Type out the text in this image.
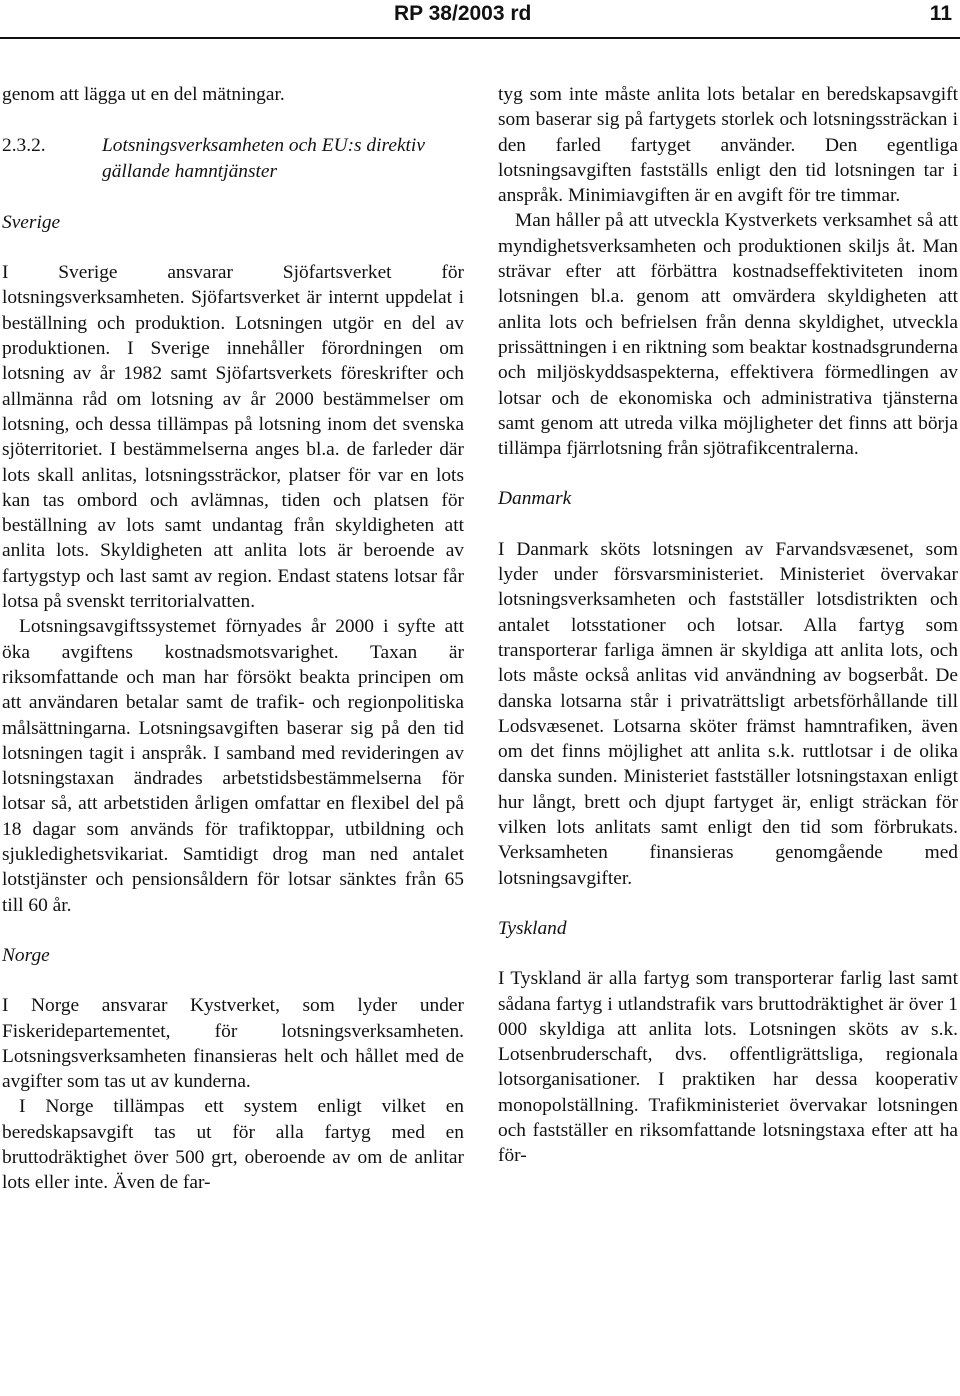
RP 38/2003 rd	11

genom att lägga ut en del mätningar.

2.3.2.	Lotsningsverksamheten och EU:s direktiv gällande hamntjänster

Sverige

I Sverige ansvarar Sjöfartsverket för lotsningsverksamheten. Sjöfartsverket är internt uppdelat i beställning och produktion. Lotsningen utgör en del av produktionen. I Sverige innehåller förordningen om lotsning av år 1982 samt Sjöfartsverkets föreskrifter och allmänna råd om lotsning av år 2000 bestämmelser om lotsning, och dessa tillämpas på lotsning inom det svenska sjöterritoriet. I bestämmelserna anges bl.a. de farleder där lots skall anlitas, lotsningssträckor, platser för var en lots kan tas ombord och avlämnas, tiden och platsen för beställning av lots samt undantag från skyldigheten att anlita lots. Skyldigheten att anlita lots är beroende av fartygstyp och last samt av region. Endast statens lotsar får lotsa på svenskt territorialvatten.

Lotsningsavgiftssystemet förnyades år 2000 i syfte att öka avgiftens kostnadsmotsvarighet. Taxan är riksomfattande och man har försökt beakta principen om att användaren betalar samt de trafik- och regionpolitiska målsättningarna. Lotsningsavgiften baserar sig på den tid lotsningen tagit i anspråk. I samband med revideringen av lotsningstaxan ändrades arbetstidsbestämmelserna för lotsar så, att arbetstiden årligen omfattar en flexibel del på 18 dagar som används för trafiktoppar, utbildning och sjukledighetsvikariat. Samtidigt drog man ned antalet lotstjänster och pensionsåldern för lotsar sänktes från 65 till 60 år.

Norge

I Norge ansvarar Kystverket, som lyder under Fiskeridepartementet, för lotsningsverksamheten. Lotsningsverksamheten finansieras helt och hållet med de avgifter som tas ut av kunderna.

I Norge tillämpas ett system enligt vilket en beredskapsavgift tas ut för alla fartyg med en bruttodräktighet över 500 grt, oberoende av om de anlitar lots eller inte. Även de far-

tyg som inte måste anlita lots betalar en beredskapsavgift som baserar sig på fartygets storlek och lotsningssträckan i den farled fartyget använder. Den egentliga lotsningsavgiften fastställs enligt den tid lotsningen tar i anspråk. Minimiavgiften är en avgift för tre timmar.

Man håller på att utveckla Kystverkets verksamhet så att myndighetsverksamheten och produktionen skiljs åt. Man strävar efter att förbättra kostnadseffektiviteten inom lotsningen bl.a. genom att omvärdera skyldigheten att anlita lots och befrielsen från denna skyldighet, utveckla prissättningen i en riktning som beaktar kostnadsgrunderna och miljöskyddsaspekterna, effektivera förmedlingen av lotsar och de ekonomiska och administrativa tjänsterna samt genom att utreda vilka möjligheter det finns att börja tillämpa fjärrlotsning från sjötrafikcentralerna.

Danmark

I Danmark sköts lotsningen av Farvandsvæsenet, som lyder under försvarsministeriet. Ministeriet övervakar lotsningsverksamheten och fastställer lotsdistrikten och antalet lotsstationer och lotsar. Alla fartyg som transporterar farliga ämnen är skyldiga att anlita lots, och lots måste också anlitas vid användning av bogserbåt. De danska lotsarna står i privaträttsligt arbetsförhållande till Lodsvæsenet. Lotsarna sköter främst hamntrafiken, även om det finns möjlighet att anlita s.k. ruttlotsar i de olika danska sunden. Ministeriet fastställer lotsningstaxan enligt hur långt, brett och djupt fartyget är, enligt sträckan för vilken lots anlitats samt enligt den tid som förbrukats. Verksamheten finansieras genomgående med lotsningsavgifter.

Tyskland

I Tyskland är alla fartyg som transporterar farlig last samt sådana fartyg i utlandstrafik vars bruttodräktighet är över 1 000 skyldiga att anlita lots. Lotsningen sköts av s.k. Lotsenbruderschaft, dvs. offentligrättsliga, regionala lotsorganisationer. I praktiken har dessa kooperativ monopolställning. Trafikministeriet övervakar lotsningen och fastställer en riksomfattande lotsningstaxa efter att ha för-
